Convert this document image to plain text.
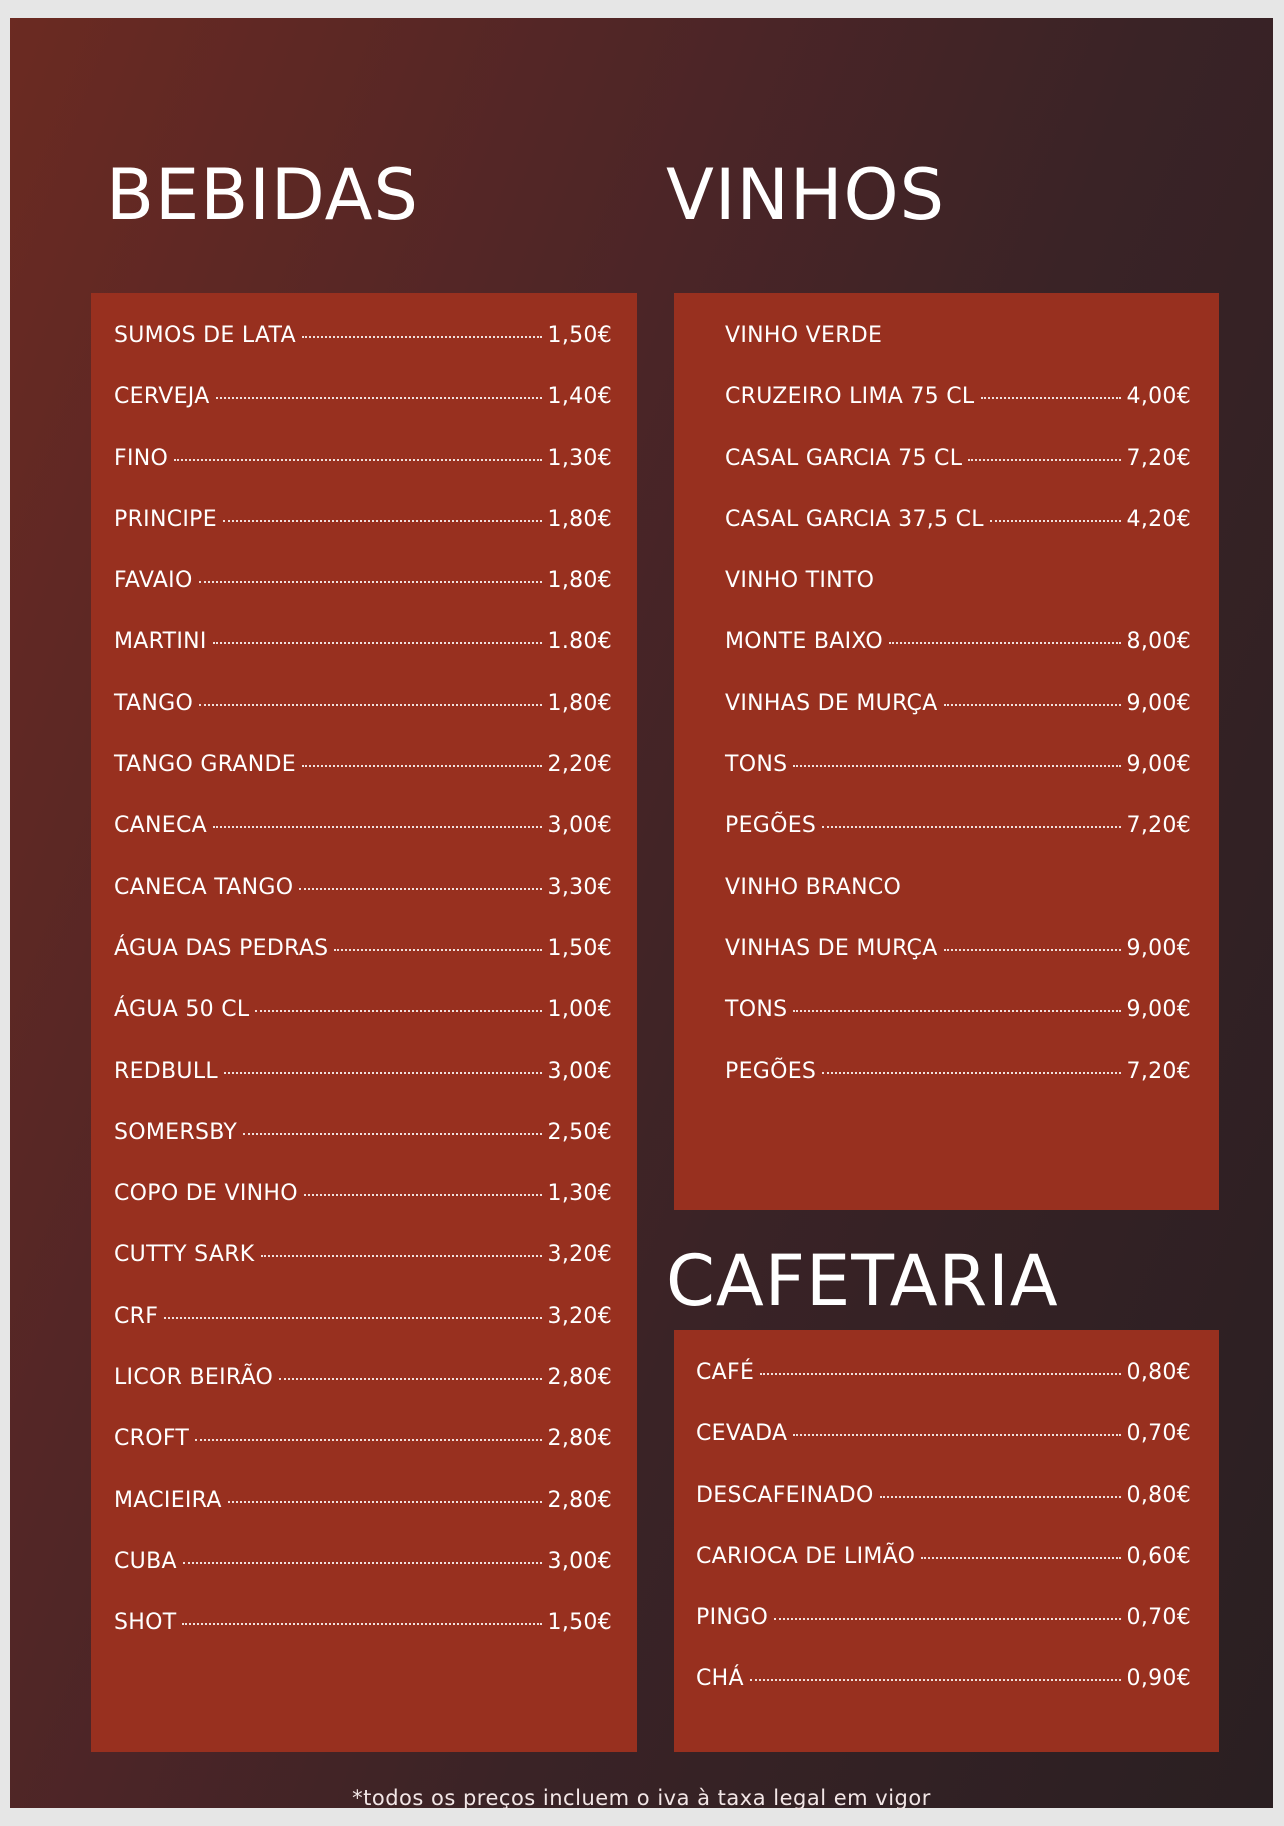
BEBIDAS	VINHOS
SUMOS DE LATA	1,50€
CERVEJA	1,40€
FINO	1,30€
PRINCIPE	1,80€
FAVAIO	1,80€
MARTINI	1.80€
TANGO	1,80€
TANGO GRANDE	2,20€
CANECA	3,00€
CANECA TANGO	3,30€
ÁGUA DAS PEDRAS	1,50€
ÁGUA 50 CL	1,00€
REDBULL	3,00€
SOMERSBY	2,50€
COPO DE VINHO	1,30€
CUTTY SARK	3,20€
CRF	3,20€
LICOR BEIRÃO	2,80€
CROFT	2,80€
MACIEIRA	2,80€
CUBA	3,00€
SHOT	1,50€
VINHO VERDE
CRUZEIRO LIMA 75 CL	4,00€
CASAL GARCIA 75 CL	7,20€
CASAL GARCIA 37,5 CL	4,20€
VINHO TINTO
MONTE BAIXO	8,00€
VINHAS DE MURÇA	9,00€
TONS	9,00€
PEGÕES	7,20€
VINHO BRANCO
VINHAS DE MURÇA	9,00€
TONS	9,00€
PEGÕES	7,20€
CAFETARIA
CAFÉ	0,80€
CEVADA	0,70€
DESCAFEINADO	0,80€
CARIOCA DE LIMÃO	0,60€
PINGO	0,70€
CHÁ	0,90€
*todos os preços incluem o iva à taxa legal em vigor
